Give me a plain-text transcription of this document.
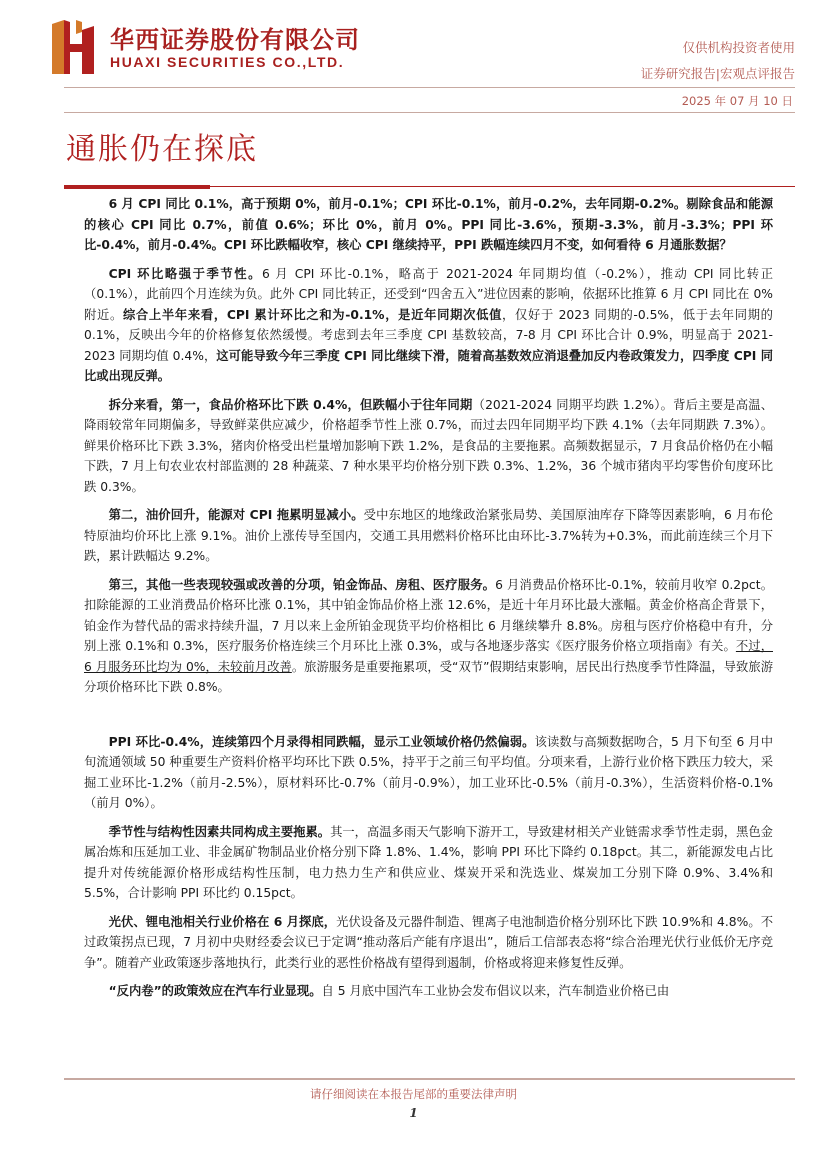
华西证券股份有限公司
HUAXI SECURITIES CO.,LTD.
仅供机构投资者使用
证券研究报告|宏观点评报告
2025 年 07 月 10 日
通胀仍在探底

6 月 CPI 同比 0.1%，高于预期 0%，前月-0.1%；CPI 环比-0.1%，前月-0.2%，去年同期-0.2%。剔除食品和能源的核心 CPI 同比 0.7%，前值 0.6%；环比 0%，前月 0%。PPI 同比-3.6%，预期-3.3%，前月-3.3%；PPI 环比-0.4%，前月-0.4%。CPI 环比跌幅收窄，核心 CPI 继续持平，PPI 跌幅连续四月不变，如何看待 6 月通胀数据？

CPI 环比略强于季节性。6 月 CPI 环比-0.1%，略高于 2021-2024 年同期均值（-0.2%），推动 CPI 同比转正（0.1%），此前四个月连续为负。此外 CPI 同比转正，还受到“四舍五入”进位因素的影响，依据环比推算 6 月 CPI 同比在 0%附近。综合上半年来看，CPI 累计环比之和为-0.1%，是近年同期次低值，仅好于 2023 同期的-0.5%，低于去年同期的 0.1%，反映出今年的价格修复依然缓慢。考虑到去年三季度 CPI 基数较高，7-8 月 CPI 环比合计 0.9%，明显高于 2021-2023 同期均值 0.4%，这可能导致今年三季度 CPI 同比继续下滑，随着高基数效应消退叠加反内卷政策发力，四季度 CPI 同比或出现反弹。

拆分来看，第一，食品价格环比下跌 0.4%，但跌幅小于往年同期（2021-2024 同期平均跌 1.2%）。背后主要是高温、降雨较常年同期偏多，导致鲜菜供应减少，价格超季节性上涨 0.7%，而过去四年同期平均下跌 4.1%（去年同期跌 7.3%）。鲜果价格环比下跌 3.3%，猪肉价格受出栏量增加影响下跌 1.2%，是食品的主要拖累。高频数据显示，7 月食品价格仍在小幅下跌，7 月上旬农业农村部监测的 28 种蔬菜、7 种水果平均价格分别下跌 0.3%、1.2%，36 个城市猪肉平均零售价旬度环比跌 0.3%。

第二，油价回升，能源对 CPI 拖累明显减小。受中东地区的地缘政治紧张局势、美国原油库存下降等因素影响，6 月布伦特原油均价环比上涨 9.1%。油价上涨传导至国内，交通工具用燃料价格环比由环比-3.7%转为+0.3%，而此前连续三个月下跌，累计跌幅达 9.2%。

第三，其他一些表现较强或改善的分项，铂金饰品、房租、医疗服务。6 月消费品价格环比-0.1%，较前月收窄 0.2pct。扣除能源的工业消费品价格环比涨 0.1%，其中铂金饰品价格上涨 12.6%，是近十年月环比最大涨幅。黄金价格高企背景下，铂金作为替代品的需求持续升温，7 月以来上金所铂金现货平均价格相比 6 月继续攀升 8.8%。房租与医疗价格稳中有升，分别上涨 0.1%和 0.3%，医疗服务价格连续三个月环比上涨 0.3%，或与各地逐步落实《医疗服务价格立项指南》有关。不过，6 月服务环比均为 0%，未较前月改善。旅游服务是重要拖累项，受“双节”假期结束影响，居民出行热度季节性降温，导致旅游分项价格环比下跌 0.8%。

PPI 环比-0.4%，连续第四个月录得相同跌幅，显示工业领域价格仍然偏弱。该读数与高频数据吻合，5 月下旬至 6 月中旬流通领域 50 种重要生产资料价格平均环比下跌 0.5%，持平于之前三旬平均值。分项来看，上游行业价格下跌压力较大，采掘工业环比-1.2%（前月-2.5%），原材料环比-0.7%（前月-0.9%），加工业环比-0.5%（前月-0.3%），生活资料价格-0.1%（前月 0%）。

季节性与结构性因素共同构成主要拖累。其一，高温多雨天气影响下游开工，导致建材相关产业链需求季节性走弱，黑色金属冶炼和压延加工业、非金属矿物制品业价格分别下降 1.8%、1.4%，影响 PPI 环比下降约 0.18pct。其二，新能源发电占比提升对传统能源价格形成结构性压制，电力热力生产和供应业、煤炭开采和洗选业、煤炭加工分别下降 0.9%、3.4%和 5.5%，合计影响 PPI 环比约 0.15pct。

光伏、锂电池相关行业价格在 6 月探底，光伏设备及元器件制造、锂离子电池制造价格分别环比下跌 10.9%和 4.8%。不过政策拐点已现，7 月初中央财经委会议已于定调“推动落后产能有序退出”，随后工信部表态将“综合治理光伏行业低价无序竞争”。随着产业政策逐步落地执行，此类行业的恶性价格战有望得到遏制，价格或将迎来修复性反弹。

“反内卷”的政策效应在汽车行业显现。自 5 月底中国汽车工业协会发布倡议以来，汽车制造业价格已由

请仔细阅读在本报告尾部的重要法律声明
1
